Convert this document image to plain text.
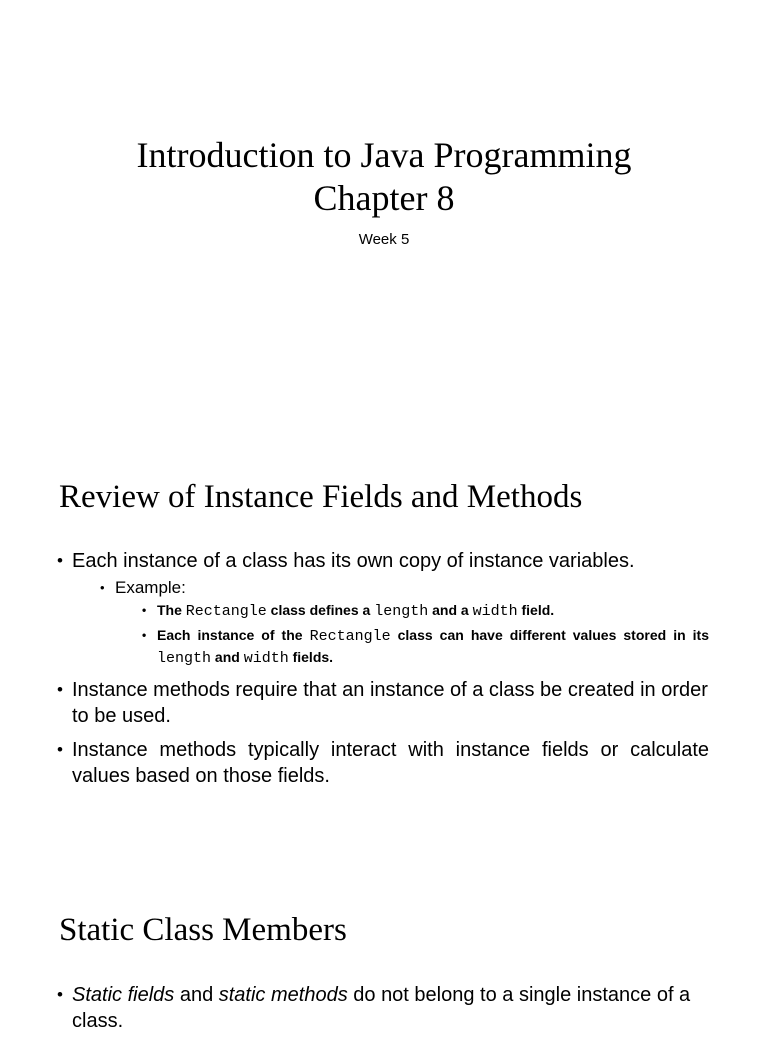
Introduction to Java Programming
Chapter 8
Week 5
Review of Instance Fields and Methods
• Each instance of a class has its own copy of instance variables.
• Example:
• The Rectangle class defines a length and a width field.
• Each instance of the Rectangle class can have different values stored in its length and width fields.
• Instance methods require that an instance of a class be created in order to be used.
• Instance methods typically interact with instance fields or calculate values based on those fields.
Static Class Members
• Static fields and static methods do not belong to a single instance of a class.
